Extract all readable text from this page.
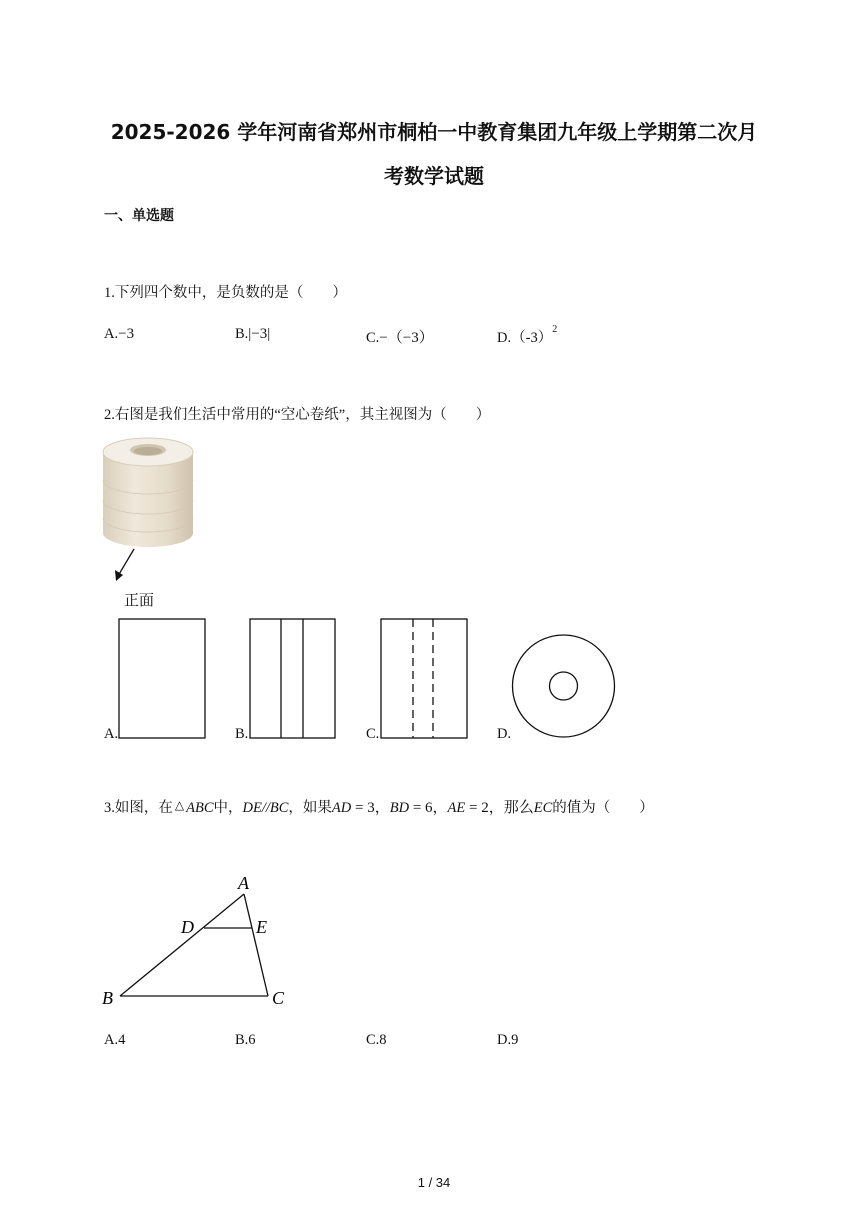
2025-2026 学年河南省郑州市桐柏一中教育集团九年级上学期第二次月
考数学试题
一、单选题
1.下列四个数中，是负数的是（　　）
A.−3	B.|−3|	C.−（−3）	$D.(-3)^2$
2.右图是我们生活中常用的“空心卷纸”，其主视图为（　　）
正面
A.	B.	C.	D.
3.如图，在 △ ABC中，DE//BC，如果AD = 3，BD = 6，AE = 2，那么EC的值为（　　）
A
D	E
B	C
A.4	B.6	C.8	D.9
1 / 34
